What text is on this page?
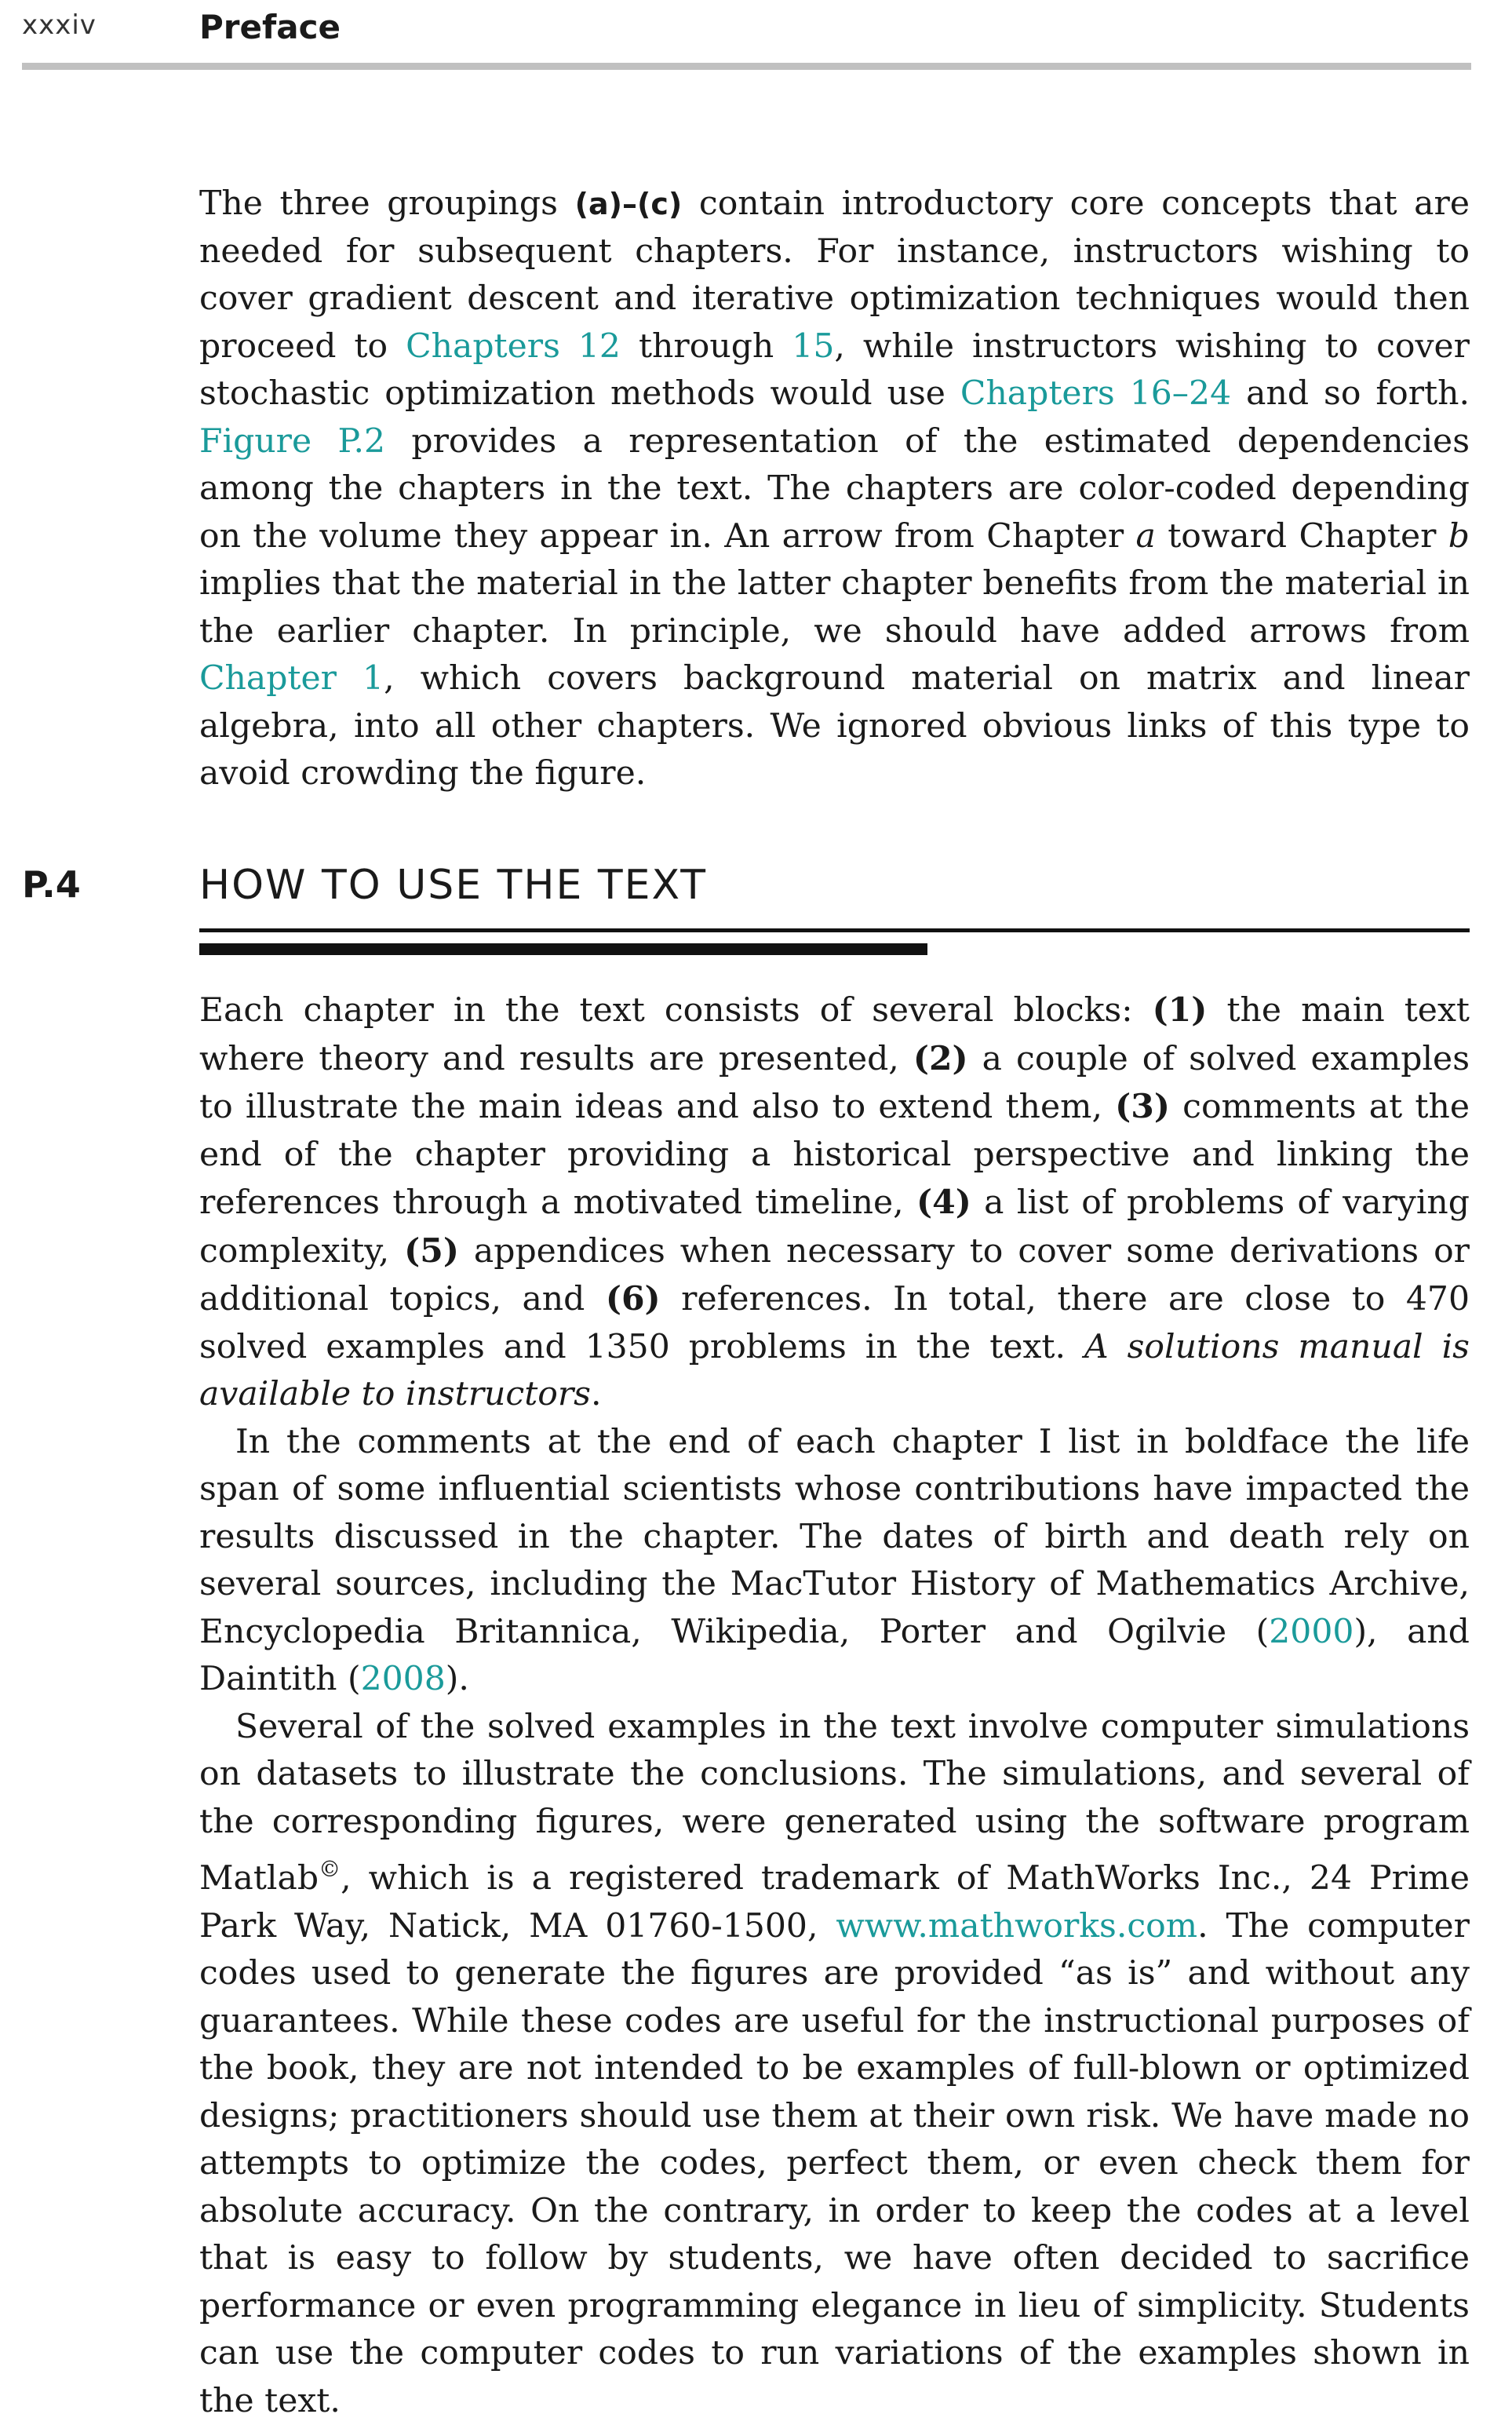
xxxiv	Preface

The three groupings (a)–(c) contain introductory core concepts that are needed for subsequent chapters. For instance, instructors wishing to cover gradient descent and iterative optimization techniques would then proceed to Chapters 12 through 15, while instructors wishing to cover stochastic optimization methods would use Chapters 16–24 and so forth. Figure P.2 provides a representation of the estimated dependencies among the chapters in the text. The chapters are color-coded depending on the volume they appear in. An arrow from Chapter a toward Chapter b implies that the material in the latter chapter benefits from the material in the earlier chapter. In principle, we should have added arrows from Chapter 1, which covers background material on matrix and linear algebra, into all other chapters. We ignored obvious links of this type to avoid crowding the figure.

P.4	HOW TO USE THE TEXT

Each chapter in the text consists of several blocks: (1) the main text where theory and results are presented, (2) a couple of solved examples to illustrate the main ideas and also to extend them, (3) comments at the end of the chapter providing a historical perspective and linking the references through a motivated timeline, (4) a list of problems of varying complexity, (5) appendices when necessary to cover some derivations or additional topics, and (6) references. In total, there are close to 470 solved examples and 1350 problems in the text. A solutions manual is available to instructors.

In the comments at the end of each chapter I list in boldface the life span of some influential scientists whose contributions have impacted the results discussed in the chapter. The dates of birth and death rely on several sources, including the MacTutor History of Mathematics Archive, Encyclopedia Britannica, Wikipedia, Porter and Ogilvie (2000), and Daintith (2008).

Several of the solved examples in the text involve computer simulations on datasets to illustrate the conclusions. The simulations, and several of the corresponding figures, were generated using the software program Matlab©, which is a registered trademark of MathWorks Inc., 24 Prime Park Way, Natick, MA 01760-1500, www.mathworks.com. The computer codes used to generate the figures are provided “as is” and without any guarantees. While these codes are useful for the instructional purposes of the book, they are not intended to be examples of full-blown or optimized designs; practitioners should use them at their own risk. We have made no attempts to optimize the codes, perfect them, or even check them for absolute accuracy. On the contrary, in order to keep the codes at a level that is easy to follow by students, we have often decided to sacrifice performance or even programming elegance in lieu of simplicity. Students can use the computer codes to run variations of the examples shown in the text.
